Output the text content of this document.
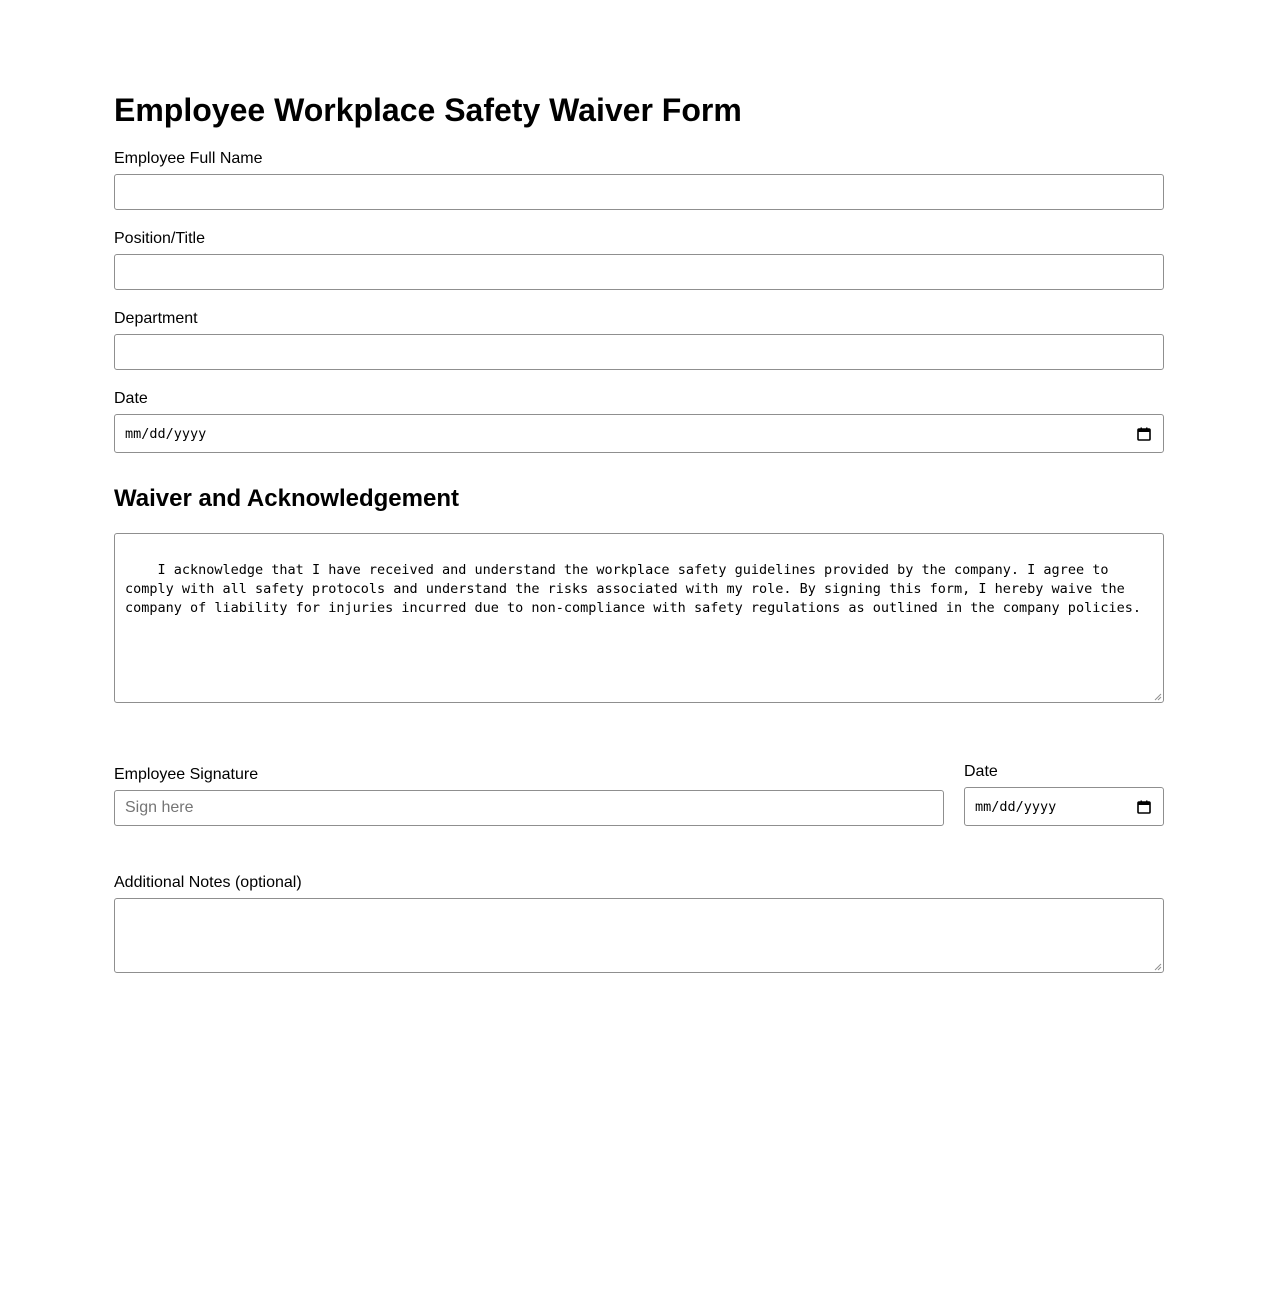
Employee Workplace Safety Waiver Form
Employee Full Name
Position/Title
Department
Date
mm/dd/yyyy
Waiver and Acknowledgement

I acknowledge that I have received and understand the workplace safety guidelines provided by the company. I agree to comply with all safety protocols and understand the risks associated with my role. By signing this form, I hereby waive the company of liability for injuries incurred due to non-compliance with safety regulations as outlined in the company policies.

Employee Signature
Sign here
Date
mm/dd/yyyy
Additional Notes (optional)
